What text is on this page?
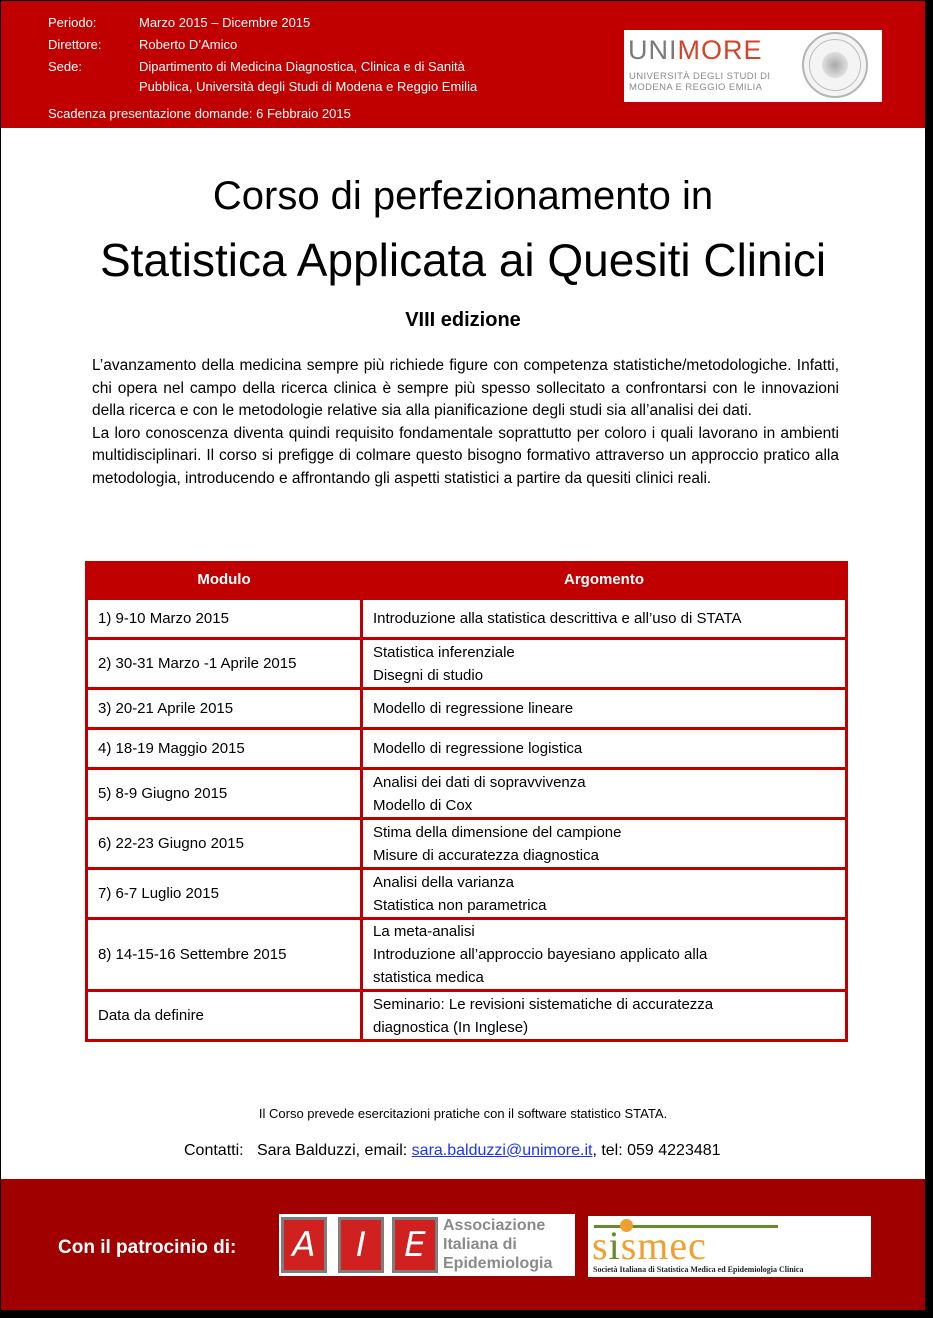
Periodo:	Marzo 2015 – Dicembre 2015
Direttore:	Roberto D’Amico
Sede:	Dipartimento di Medicina Diagnostica, Clinica e di Sanità
Pubblica, Università degli Studi di Modena e Reggio Emilia
Scadenza presentazione domande: 6 Febbraio 2015
UNIMORE
UNIVERSITÀ DEGLI STUDI DI
MODENA E REGGIO EMILIA
Corso di perfezionamento in
Statistica Applicata ai Quesiti Clinici
VIII edizione

L’avanzamento della medicina sempre più richiede figure con competenza statistiche/metodologiche. Infatti, chi opera nel campo della ricerca clinica è sempre più spesso sollecitato a confrontarsi con le innovazioni della ricerca e con le metodologie relative sia alla pianificazione degli studi sia all’analisi dei dati.

La loro conoscenza diventa quindi requisito fondamentale soprattutto per coloro i quali lavorano in ambienti multidisciplinari. Il corso si prefigge di colmare questo bisogno formativo attraverso un approccio pratico alla metodologia, introducendo e affrontando gli aspetti statistici a partire da quesiti clinici reali.

Modulo	Argomento
1) 9-10 Marzo 2015	Introduzione alla statistica descrittiva e all’uso di STATA

2) 30-31 Marzo -1 Aprile 2015	Statistica inferenziale
Disegni di studio

3) 20-21 Aprile 2015	Modello di regressione lineare

4) 18-19 Maggio 2015	Modello di regressione logistica

5) 8-9 Giugno 2015	Analisi dei dati di sopravvivenza
Modello di Cox

6) 22-23 Giugno 2015	Stima della dimensione del campione
Misure di accuratezza diagnostica

7) 6-7 Luglio 2015	Analisi della varianza
Statistica non parametrica

8) 14-15-16 Settembre 2015	La meta-analisi
Introduzione all’approccio bayesiano applicato alla
statistica medica

Data da definire	Seminario: Le revisioni sistematiche di accuratezza
diagnostica (In Inglese)
Il Corso prevede esercitazioni pratiche con il software statistico STATA.
Contatti: Sara Balduzzi, email: sara.balduzzi@unimore.it, tel: 059 4223481
Con il patrocinio di:	A	I	E	Associazione
Italiana di
Epidemiologia sismec
Società Italiana di Statistica Medica ed Epidemiologia Clinica
